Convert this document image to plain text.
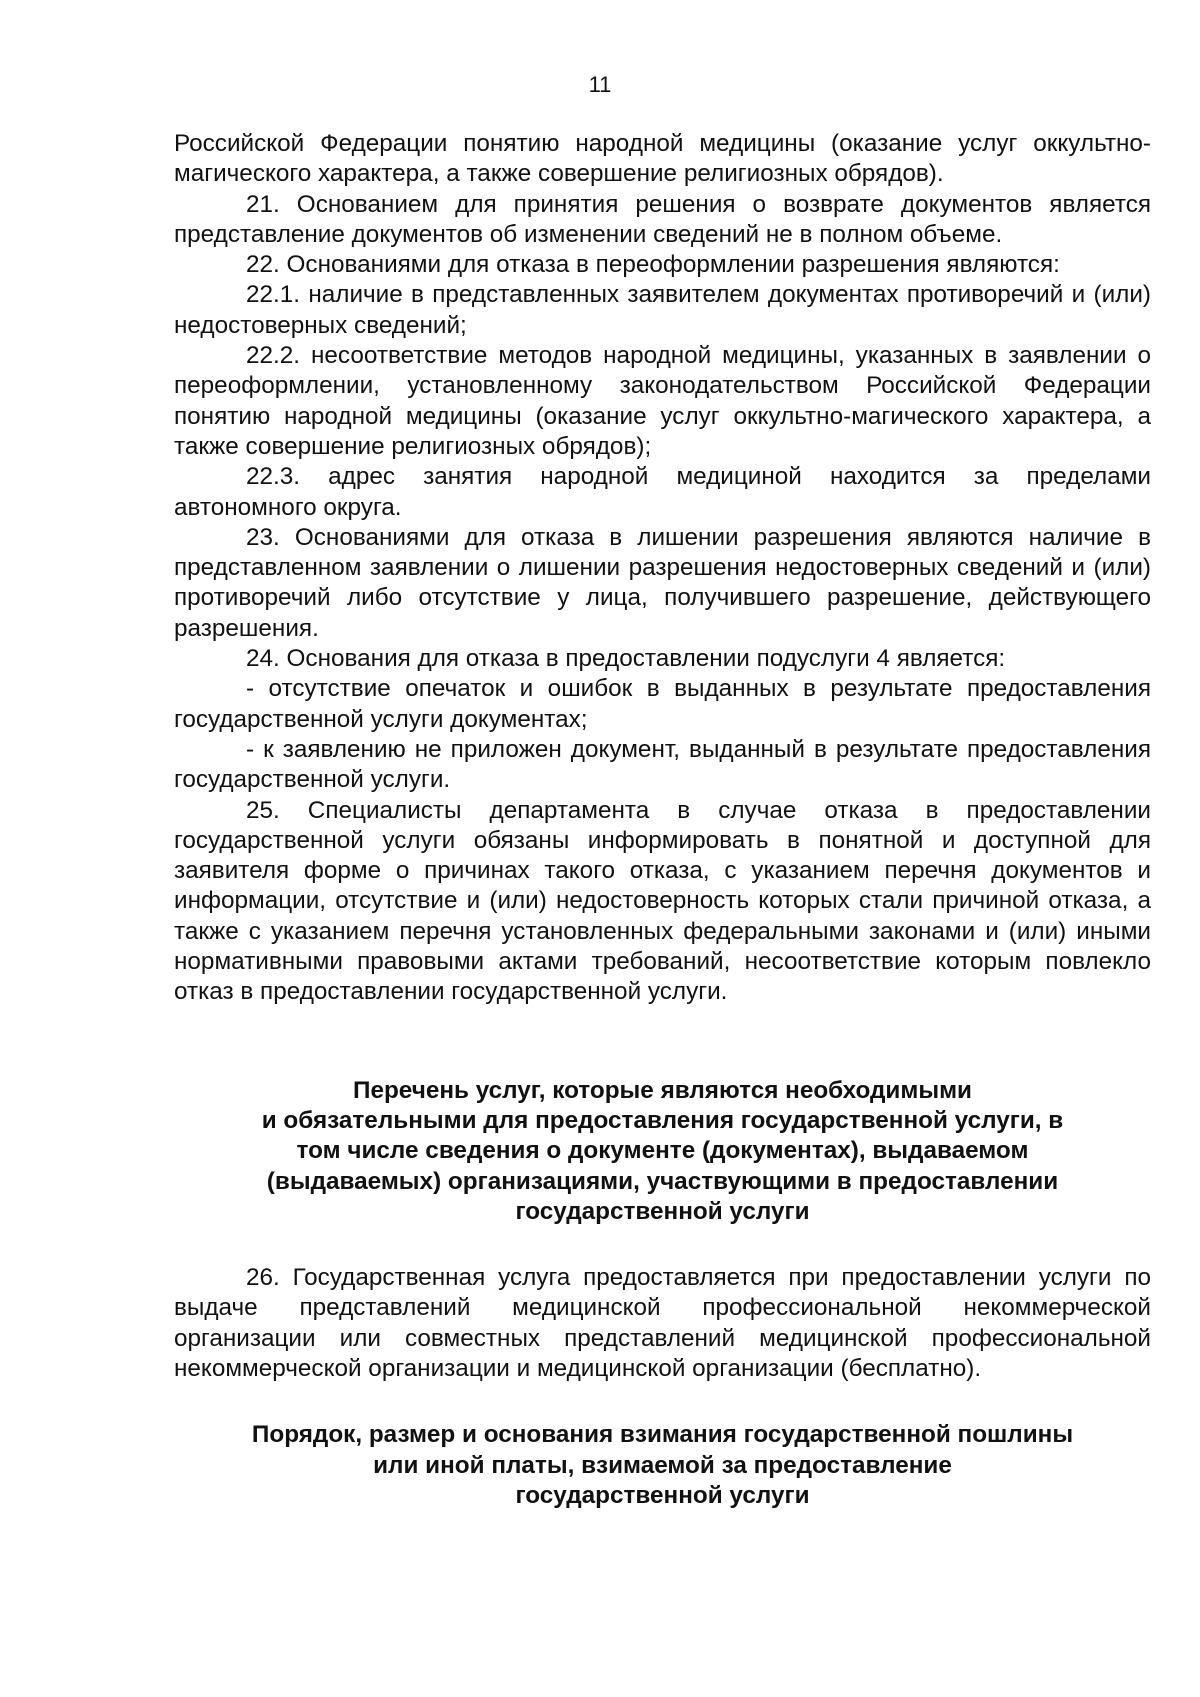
11

Российской Федерации понятию народной медицины (оказание услуг оккультно-магического характера, а также совершение религиозных обрядов).

21. Основанием для принятия решения о возврате документов является представление документов об изменении сведений не в полном объеме.

22. Основаниями для отказа в переоформлении разрешения являются:

22.1. наличие в представленных заявителем документах противоречий и (или) недостоверных сведений;

22.2. несоответствие методов народной медицины, указанных в заявлении о переоформлении, установленному законодательством Российской Федерации понятию народной медицины (оказание услуг оккультно-магического характера, а также совершение религиозных обрядов);

22.3. адрес занятия народной медициной находится за пределами автономного округа.

23. Основаниями для отказа в лишении разрешения являются наличие в представленном заявлении о лишении разрешения недостоверных сведений и (или) противоречий либо отсутствие у лица, получившего разрешение, действующего разрешения.

24. Основания для отказа в предоставлении подуслуги 4 является:

- отсутствие опечаток и ошибок в выданных в результате предоставления государственной услуги документах;

- к заявлению не приложен документ, выданный в результате предоставления государственной услуги.

25. Специалисты департамента в случае отказа в предоставлении государственной услуги обязаны информировать в понятной и доступной для заявителя форме о причинах такого отказа, с указанием перечня документов и информации, отсутствие и (или) недостоверность которых стали причиной отказа, а также с указанием перечня установленных федеральными законами и (или) иными нормативными правовыми актами требований, несоответствие которым повлекло отказ в предоставлении государственной услуги.

Перечень услуг, которые являются необходимыми
и обязательными для предоставления государственной услуги, в
том числе сведения о документе (документах), выдаваемом
(выдаваемых) организациями, участвующими в предоставлении
государственной услуги

26. Государственная услуга предоставляется при предоставлении услуги по выдаче представлений медицинской профессиональной некоммерческой организации или совместных представлений медицинской профессиональной некоммерческой организации и медицинской организации (бесплатно).

Порядок, размер и основания взимания государственной пошлины
или иной платы, взимаемой за предоставление
государственной услуги
